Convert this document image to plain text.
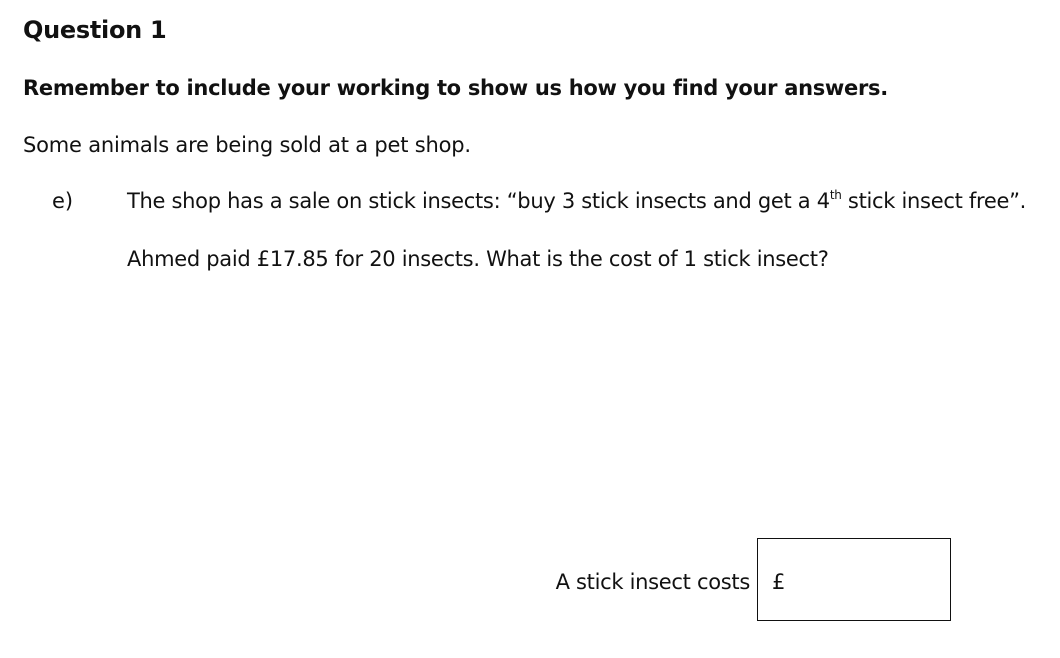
Question 1
Remember to include your working to show us how you find your answers.
Some animals are being sold at a pet shop.
e)	The shop has a sale on stick insects: “buy 3 stick insects and get a 4th stick insect free”.
Ahmed paid £17.85 for 20 insects. What is the cost of 1 stick insect?
A stick insect costs £
